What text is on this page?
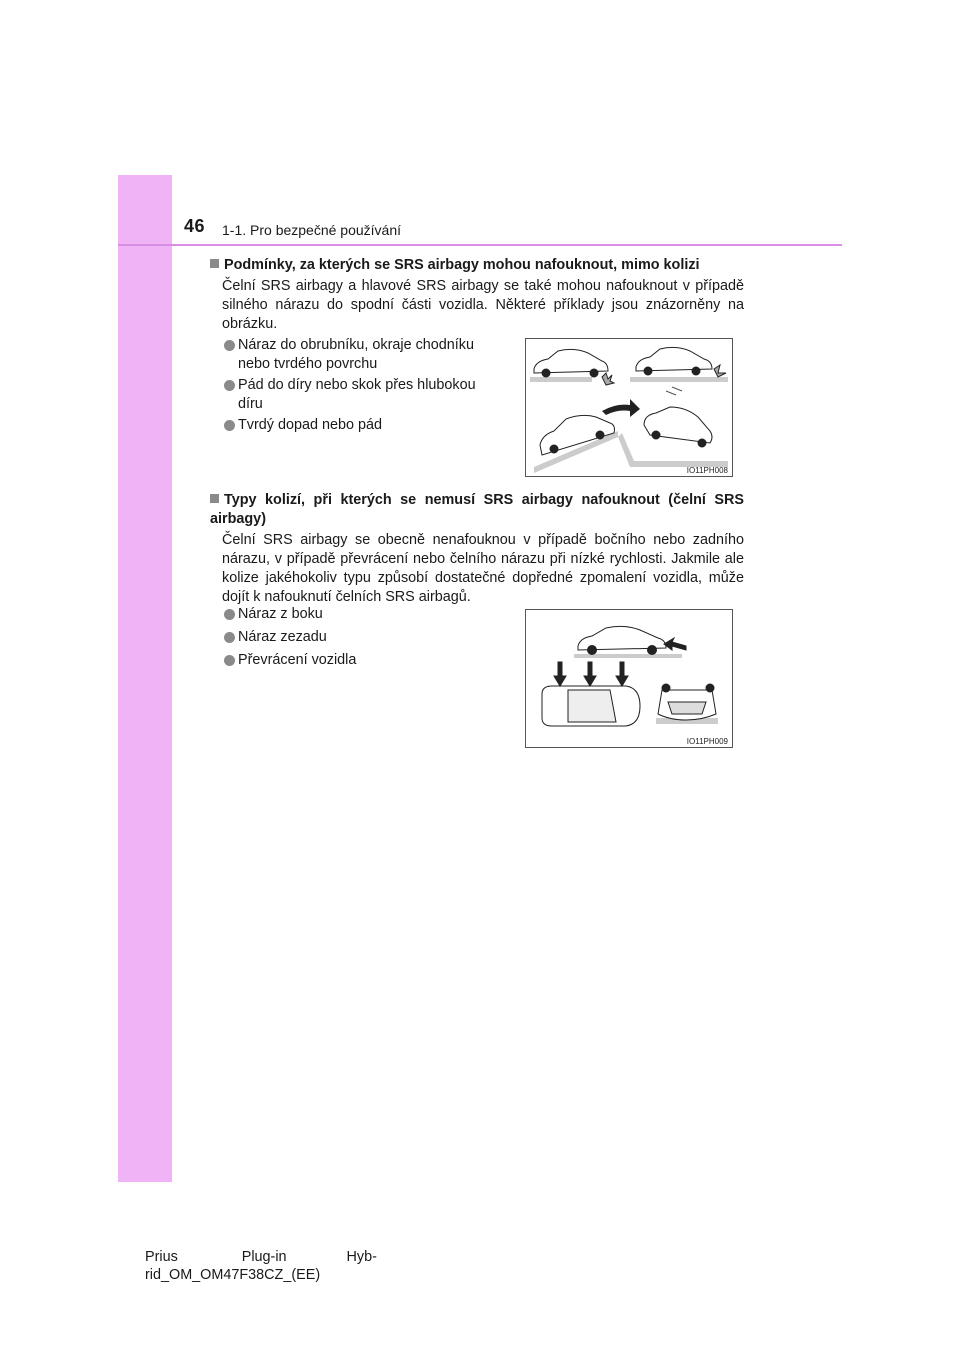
46 1-1. Pro bezpečné používání
Podmínky, za kterých se SRS airbagy mohou nafouknout, mimo kolizi
Čelní SRS airbagy a hlavové SRS airbagy se také mohou nafouknout v případě silného nárazu do spodní části vozidla. Některé příklady jsou znázorněny na obrázku.
Náraz do obrubníku, okraje chodníku nebo tvrdého povrchu
Pád do díry nebo skok přes hlubokou díru
Tvrdý dopad nebo pád
IO11PH008
Typy kolizí, při kterých se nemusí SRS airbagy nafouknout (čelní SRS airbagy)
Čelní SRS airbagy se obecně nenafouknou v případě bočního nebo zadního nárazu, v případě převrácení nebo čelního nárazu při nízké rychlosti. Jakmile ale kolize jakéhokoliv typu způsobí dostatečné dopředné zpomalení vozidla, může dojít k nafouknutí čelních SRS airbagů.
Náraz z boku
Náraz zezadu
Převrácení vozidla
IO11PH009
Prius                Plug-in               Hyb-
rid_OM_OM47F38CZ_(EE)
